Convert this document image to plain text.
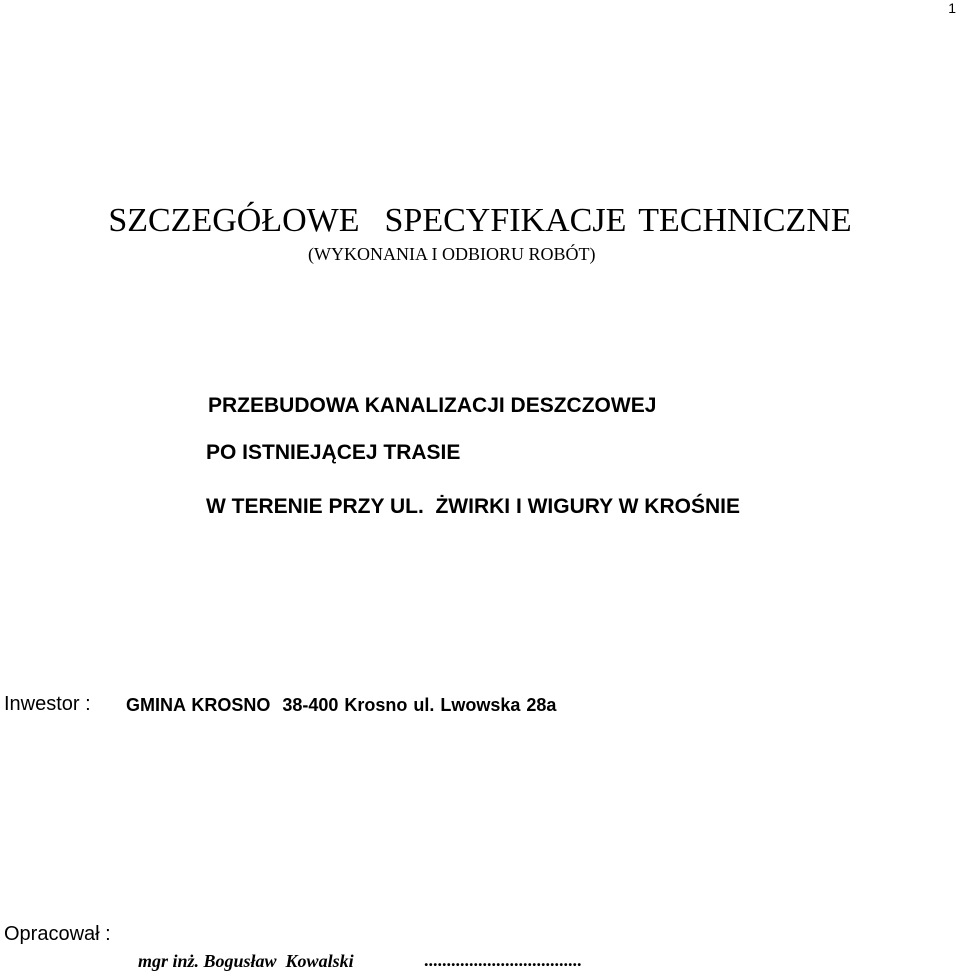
1
SZCZEGÓŁOWE  SPECYFIKACJE TECHNICZNE
(WYKONANIA I ODBIORU ROBÓT)
PRZEBUDOWA KANALIZACJI DESZCZOWEJ
PO ISTNIEJĄCEJ TRASIE
W TERENIE PRZY UL.  ŻWIRKI I WIGURY W KROŚNIE
Inwestor : GMINA KROSNO  38-400 Krosno ul. Lwowska 28a
Opracował :
mgr inż. Bogusław  Kowalski	...................................
